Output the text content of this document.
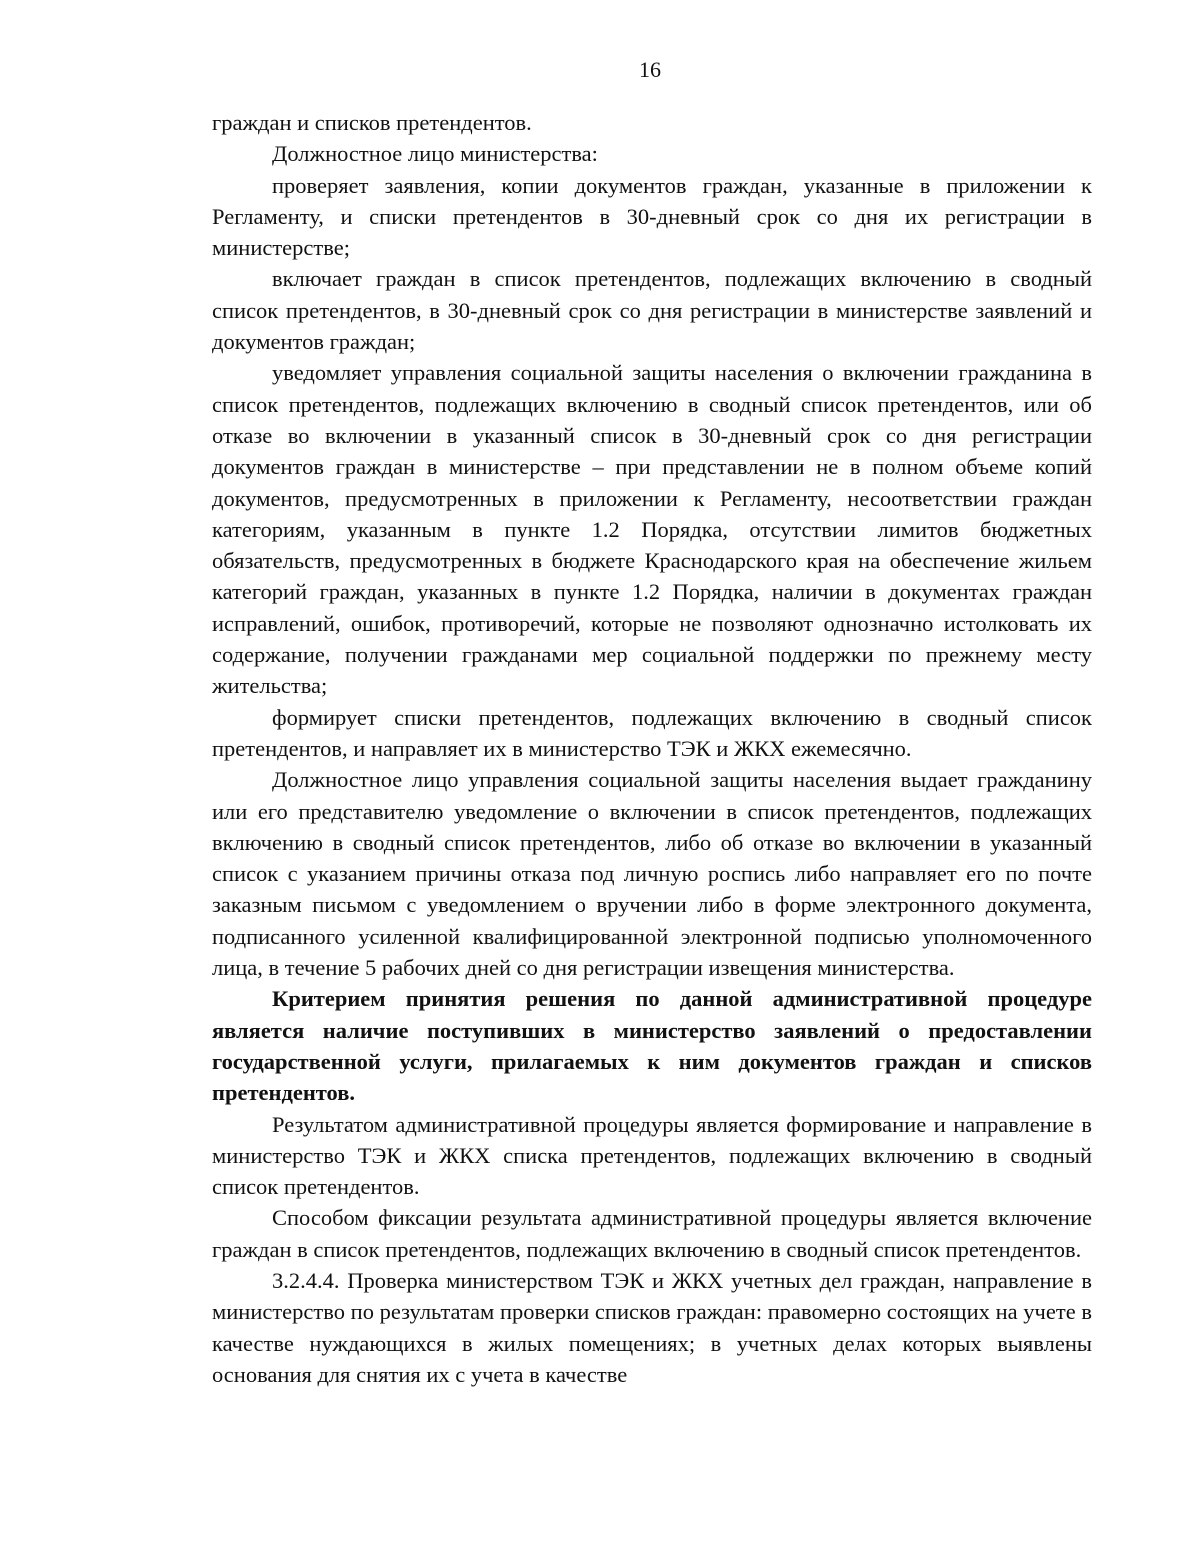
16

граждан и списков претендентов.

Должностное лицо министерства:

проверяет заявления, копии документов граждан, указанные в приложении к Регламенту, и списки претендентов в 30-дневный срок со дня их регистрации в министерстве;

включает граждан в список претендентов, подлежащих включению в сводный список претендентов, в 30-дневный срок со дня регистрации в министерстве заявлений и документов граждан;

уведомляет управления социальной защиты населения о включении гражданина в список претендентов, подлежащих включению в сводный список претендентов, или об отказе во включении в указанный список в 30-дневный срок со дня регистрации документов граждан в министерстве – при представлении не в полном объеме копий документов, предусмотренных в приложении к Регламенту, несоответствии граждан категориям, указанным в пункте 1.2 Порядка, отсутствии лимитов бюджетных обязательств, предусмотренных в бюджете Краснодарского края на обеспечение жильем категорий граждан, указанных в пункте 1.2 Порядка, наличии в документах граждан исправлений, ошибок, противоречий, которые не позволяют однозначно истолковать их содержание, получении гражданами мер социальной поддержки по прежнему месту жительства;

формирует списки претендентов, подлежащих включению в сводный список претендентов, и направляет их в министерство ТЭК и ЖКХ ежемесячно.

Должностное лицо управления социальной защиты населения выдает гражданину или его представителю уведомление о включении в список претендентов, подлежащих включению в сводный список претендентов, либо об отказе во включении в указанный список с указанием причины отказа под личную роспись либо направляет его по почте заказным письмом с уведомлением о вручении либо в форме электронного документа, подписанного усиленной квалифицированной электронной подписью уполномоченного лица, в течение 5 рабочих дней со дня регистрации извещения министерства.

Критерием принятия решения по данной административной процедуре является наличие поступивших в министерство заявлений о предоставлении государственной услуги, прилагаемых к ним документов граждан и списков претендентов.

Результатом административной процедуры является формирование и направление в министерство ТЭК и ЖКХ списка претендентов, подлежащих включению в сводный список претендентов.

Способом фиксации результата административной процедуры является включение граждан в список претендентов, подлежащих включению в сводный список претендентов.

3.2.4.4. Проверка министерством ТЭК и ЖКХ учетных дел граждан, направление в министерство по результатам проверки списков граждан: правомерно состоящих на учете в качестве нуждающихся в жилых помещениях; в учетных делах которых выявлены основания для снятия их с учета в качестве
